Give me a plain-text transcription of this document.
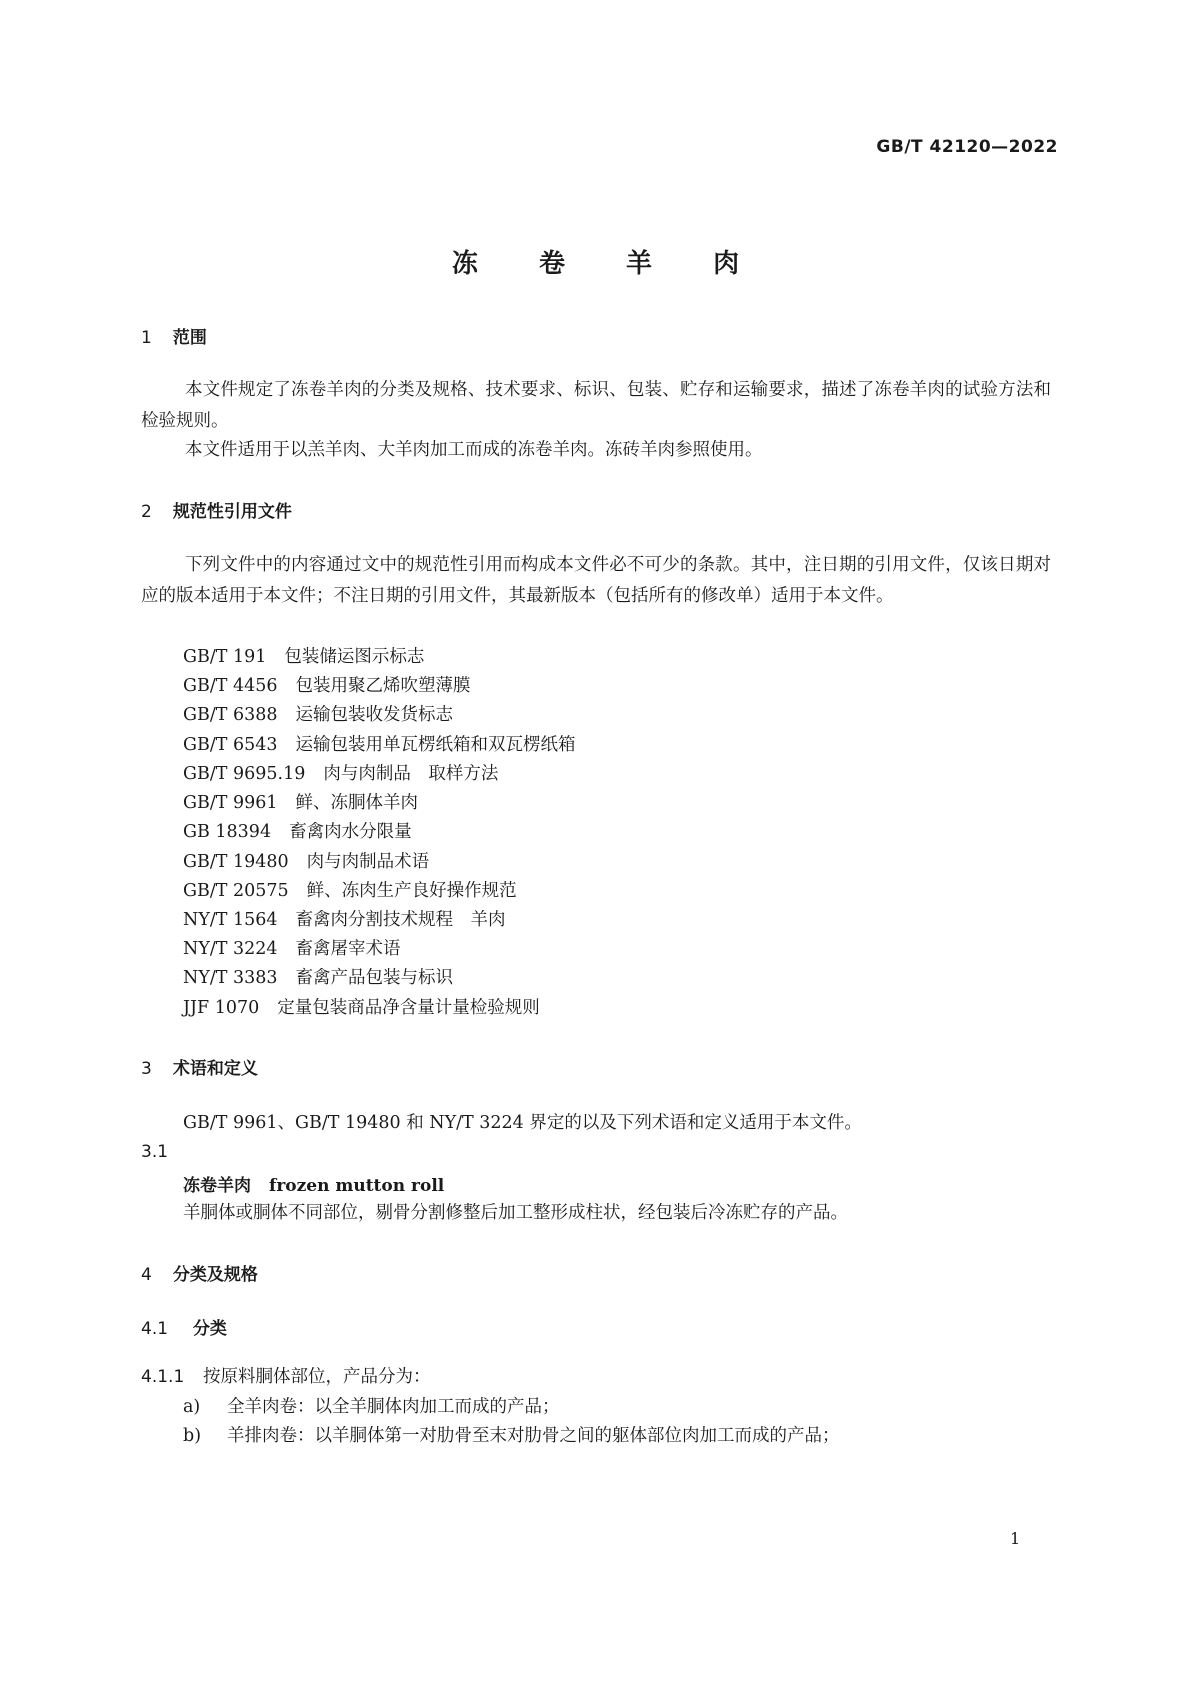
GB/T 42120—2022
冻 卷 羊 肉
1 范围
本文件规定了冻卷羊肉的分类及规格、技术要求、标识、包装、贮存和运输要求，描述了冻卷羊肉的试验方法和检验规则。
本文件适用于以羔羊肉、大羊肉加工而成的冻卷羊肉。冻砖羊肉参照使用。
2 规范性引用文件
下列文件中的内容通过文中的规范性引用而构成本文件必不可少的条款。其中，注日期的引用文件，仅该日期对应的版本适用于本文件；不注日期的引用文件，其最新版本（包括所有的修改单）适用于本文件。
GB/T 191 包装储运图示标志
GB/T 4456 包装用聚乙烯吹塑薄膜
GB/T 6388 运输包装收发货标志
GB/T 6543 运输包装用单瓦楞纸箱和双瓦楞纸箱
GB/T 9695.19 肉与肉制品　取样方法
GB/T 9961 鲜、冻胴体羊肉
GB 18394 畜禽肉水分限量
GB/T 19480 肉与肉制品术语
GB/T 20575 鲜、冻肉生产良好操作规范
NY/T 1564 畜禽肉分割技术规程　羊肉
NY/T 3224 畜禽屠宰术语
NY/T 3383 畜禽产品包装与标识
JJF 1070 定量包装商品净含量计量检验规则
3 术语和定义
GB/T 9961、GB/T 19480 和 NY/T 3224 界定的以及下列术语和定义适用于本文件。
3.1
冻卷羊肉 frozen mutton roll
羊胴体或胴体不同部位，剔骨分割修整后加工整形成柱状，经包装后冷冻贮存的产品。
4 分类及规格
4.1 分类
4.1.1 按原料胴体部位，产品分为：
a) 全羊肉卷：以全羊胴体肉加工而成的产品；
b) 羊排肉卷：以羊胴体第一对肋骨至末对肋骨之间的躯体部位肉加工而成的产品；
1
